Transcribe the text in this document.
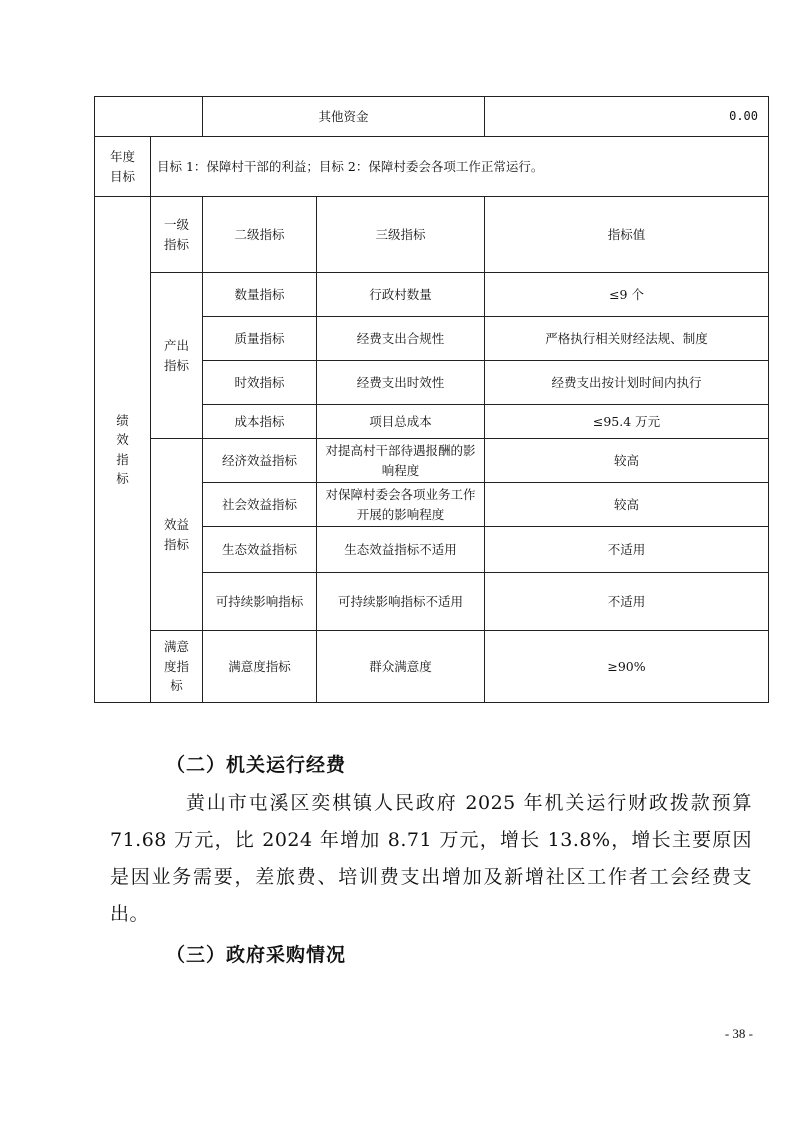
		其他资金		0.00
年度目标	目标 1：保障村干部的利益；目标 2：保障村委会各项工作正常运行。			
绩效指标	一级指标	二级指标	三级指标	指标值
	产出指标	数量指标	行政村数量	≤9 个
		质量指标	经费支出合规性	严格执行相关财经法规、制度
		时效指标	经费支出时效性	经费支出按计划时间内执行
		成本指标	项目总成本	≤95.4 万元
	效益指标	经济效益指标	对提高村干部待遇报酬的影响程度	较高
		社会效益指标	对保障村委会各项业务工作开展的影响程度	较高
		生态效益指标	生态效益指标不适用	不适用
		可持续影响指标	可持续影响指标不适用	不适用
	满意度指标	满意度指标	群众满意度	≥90%
（二）机关运行经费

黄山市屯溪区奕棋镇人民政府 2025 年机关运行财政拨款预算 71.68 万元，比 2024 年增加 8.71 万元，增长 13.8%，增长主要原因是因业务需要，差旅费、培训费支出增加及新增社区工作者工会经费支出。

（三）政府采购情况
- 38 -
